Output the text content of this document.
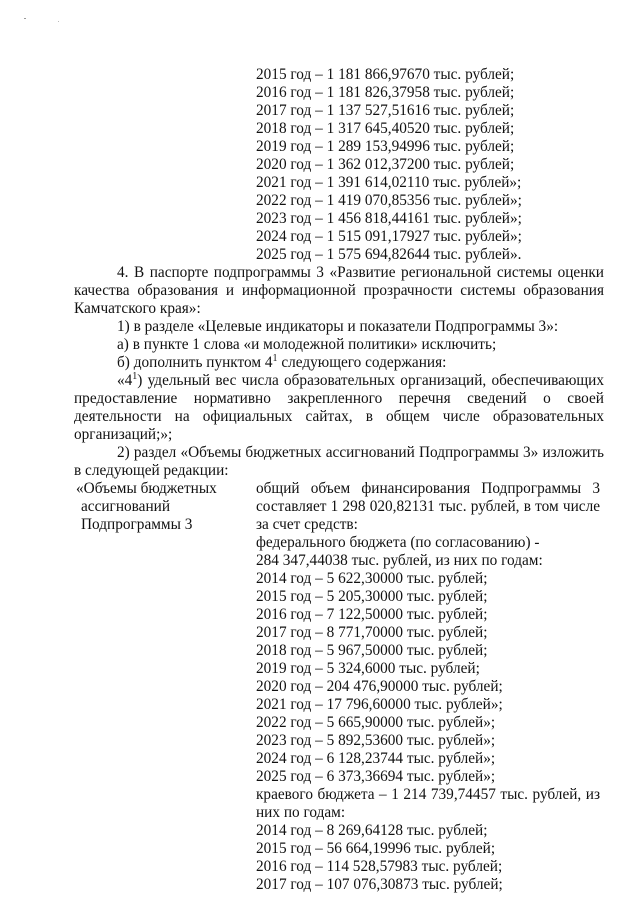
2015 год – 1 181 866,97670 тыс. рублей;
2016 год – 1 181 826,37958 тыс. рублей;
2017 год – 1 137 527,51616 тыс. рублей;
2018 год – 1 317 645,40520 тыс. рублей;
2019 год – 1 289 153,94996 тыс. рублей;
2020 год – 1 362 012,37200 тыс. рублей;
2021 год – 1 391 614,02110 тыс. рублей»;
2022 год – 1 419 070,85356 тыс. рублей»;
2023 год – 1 456 818,44161 тыс. рублей»;
2024 год – 1 515 091,17927 тыс. рублей»;
2025 год – 1 575 694,82644 тыс. рублей».
4. В паспорте подпрограммы 3 «Развитие региональной системы оценки
качества образования и информационной прозрачности системы образования
Камчатского края»:
1) в разделе «Целевые индикаторы и показатели Подпрограммы 3»:
а) в пункте 1 слова «и молодежной политики» исключить;
б) дополнить пунктом $4^1$ следующего содержания:
«$4^1$) удельный вес числа образовательных организаций, обеспечивающих
предоставление нормативно закрепленного перечня сведений о своей
деятельности на официальных сайтах, в общем числе образовательных
организаций;»;
2) раздел «Объемы бюджетных ассигнований Подпрограммы 3» изложить
в следующей редакции:
«Объемы бюджетных
ассигнований
Подпрограммы 3
общий объем финансирования Подпрограммы 3
составляет 1 298 020,82131 тыс. рублей, в том числе
за счет средств:
федерального бюджета (по согласованию) -
284 347,44038 тыс. рублей, из них по годам:
2014 год – 5 622,30000 тыс. рублей;
2015 год – 5 205,30000 тыс. рублей;
2016 год – 7 122,50000 тыс. рублей;
2017 год – 8 771,70000 тыс. рублей;
2018 год – 5 967,50000 тыс. рублей;
2019 год – 5 324,6000 тыс. рублей;
2020 год – 204 476,90000 тыс. рублей;
2021 год – 17 796,60000 тыс. рублей»;
2022 год – 5 665,90000 тыс. рублей»;
2023 год – 5 892,53600 тыс. рублей»;
2024 год – 6 128,23744 тыс. рублей»;
2025 год – 6 373,36694 тыс. рублей»;
краевого бюджета – 1 214 739,74457 тыс. рублей, из
них по годам:
2014 год – 8 269,64128 тыс. рублей;
2015 год – 56 664,19996 тыс. рублей;
2016 год – 114 528,57983 тыс. рублей;
2017 год – 107 076,30873 тыс. рублей;
